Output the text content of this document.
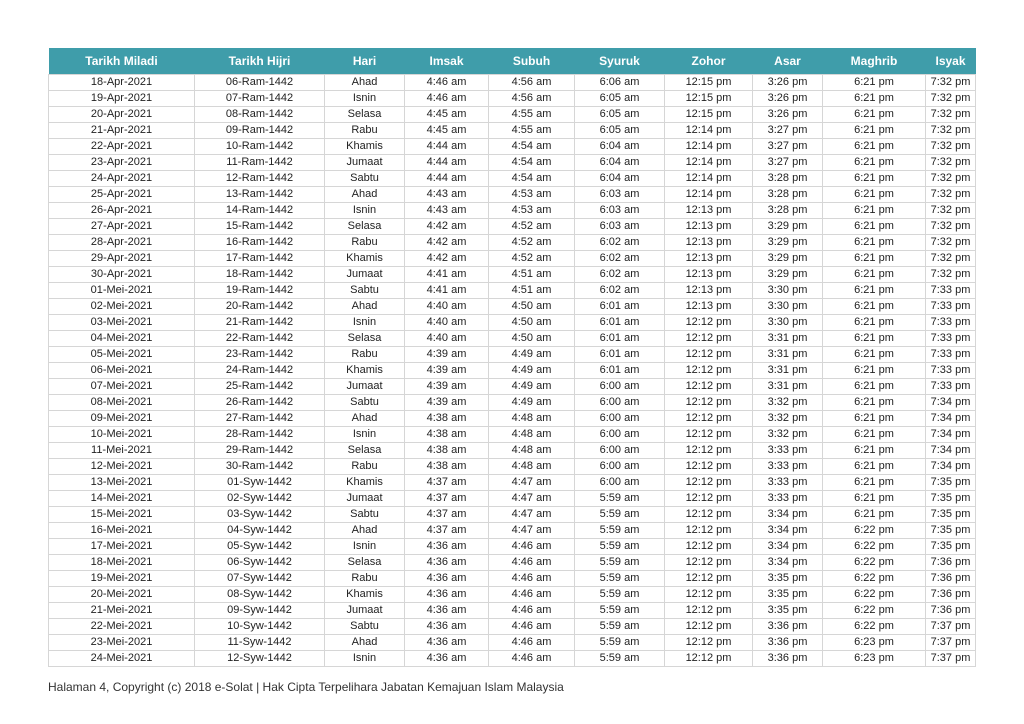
Tarikh Miladi	Tarikh Hijri	Hari	Imsak	Subuh	Syuruk	Zohor	Asar	Maghrib	Isyak
18-Apr-2021	06-Ram-1442	Ahad	4:46 am	4:56 am	6:06 am	12:15 pm	3:26 pm	6:21 pm	7:32 pm
19-Apr-2021	07-Ram-1442	Isnin	4:46 am	4:56 am	6:05 am	12:15 pm	3:26 pm	6:21 pm	7:32 pm
20-Apr-2021	08-Ram-1442	Selasa	4:45 am	4:55 am	6:05 am	12:15 pm	3:26 pm	6:21 pm	7:32 pm
21-Apr-2021	09-Ram-1442	Rabu	4:45 am	4:55 am	6:05 am	12:14 pm	3:27 pm	6:21 pm	7:32 pm
22-Apr-2021	10-Ram-1442	Khamis	4:44 am	4:54 am	6:04 am	12:14 pm	3:27 pm	6:21 pm	7:32 pm
23-Apr-2021	11-Ram-1442	Jumaat	4:44 am	4:54 am	6:04 am	12:14 pm	3:27 pm	6:21 pm	7:32 pm
24-Apr-2021	12-Ram-1442	Sabtu	4:44 am	4:54 am	6:04 am	12:14 pm	3:28 pm	6:21 pm	7:32 pm
25-Apr-2021	13-Ram-1442	Ahad	4:43 am	4:53 am	6:03 am	12:14 pm	3:28 pm	6:21 pm	7:32 pm
26-Apr-2021	14-Ram-1442	Isnin	4:43 am	4:53 am	6:03 am	12:13 pm	3:28 pm	6:21 pm	7:32 pm
27-Apr-2021	15-Ram-1442	Selasa	4:42 am	4:52 am	6:03 am	12:13 pm	3:29 pm	6:21 pm	7:32 pm
28-Apr-2021	16-Ram-1442	Rabu	4:42 am	4:52 am	6:02 am	12:13 pm	3:29 pm	6:21 pm	7:32 pm
29-Apr-2021	17-Ram-1442	Khamis	4:42 am	4:52 am	6:02 am	12:13 pm	3:29 pm	6:21 pm	7:32 pm
30-Apr-2021	18-Ram-1442	Jumaat	4:41 am	4:51 am	6:02 am	12:13 pm	3:29 pm	6:21 pm	7:32 pm
01-Mei-2021	19-Ram-1442	Sabtu	4:41 am	4:51 am	6:02 am	12:13 pm	3:30 pm	6:21 pm	7:33 pm
02-Mei-2021	20-Ram-1442	Ahad	4:40 am	4:50 am	6:01 am	12:13 pm	3:30 pm	6:21 pm	7:33 pm
03-Mei-2021	21-Ram-1442	Isnin	4:40 am	4:50 am	6:01 am	12:12 pm	3:30 pm	6:21 pm	7:33 pm
04-Mei-2021	22-Ram-1442	Selasa	4:40 am	4:50 am	6:01 am	12:12 pm	3:31 pm	6:21 pm	7:33 pm
05-Mei-2021	23-Ram-1442	Rabu	4:39 am	4:49 am	6:01 am	12:12 pm	3:31 pm	6:21 pm	7:33 pm
06-Mei-2021	24-Ram-1442	Khamis	4:39 am	4:49 am	6:01 am	12:12 pm	3:31 pm	6:21 pm	7:33 pm
07-Mei-2021	25-Ram-1442	Jumaat	4:39 am	4:49 am	6:00 am	12:12 pm	3:31 pm	6:21 pm	7:33 pm
08-Mei-2021	26-Ram-1442	Sabtu	4:39 am	4:49 am	6:00 am	12:12 pm	3:32 pm	6:21 pm	7:34 pm
09-Mei-2021	27-Ram-1442	Ahad	4:38 am	4:48 am	6:00 am	12:12 pm	3:32 pm	6:21 pm	7:34 pm
10-Mei-2021	28-Ram-1442	Isnin	4:38 am	4:48 am	6:00 am	12:12 pm	3:32 pm	6:21 pm	7:34 pm
11-Mei-2021	29-Ram-1442	Selasa	4:38 am	4:48 am	6:00 am	12:12 pm	3:33 pm	6:21 pm	7:34 pm
12-Mei-2021	30-Ram-1442	Rabu	4:38 am	4:48 am	6:00 am	12:12 pm	3:33 pm	6:21 pm	7:34 pm
13-Mei-2021	01-Syw-1442	Khamis	4:37 am	4:47 am	6:00 am	12:12 pm	3:33 pm	6:21 pm	7:35 pm
14-Mei-2021	02-Syw-1442	Jumaat	4:37 am	4:47 am	5:59 am	12:12 pm	3:33 pm	6:21 pm	7:35 pm
15-Mei-2021	03-Syw-1442	Sabtu	4:37 am	4:47 am	5:59 am	12:12 pm	3:34 pm	6:21 pm	7:35 pm
16-Mei-2021	04-Syw-1442	Ahad	4:37 am	4:47 am	5:59 am	12:12 pm	3:34 pm	6:22 pm	7:35 pm
17-Mei-2021	05-Syw-1442	Isnin	4:36 am	4:46 am	5:59 am	12:12 pm	3:34 pm	6:22 pm	7:35 pm
18-Mei-2021	06-Syw-1442	Selasa	4:36 am	4:46 am	5:59 am	12:12 pm	3:34 pm	6:22 pm	7:36 pm
19-Mei-2021	07-Syw-1442	Rabu	4:36 am	4:46 am	5:59 am	12:12 pm	3:35 pm	6:22 pm	7:36 pm
20-Mei-2021	08-Syw-1442	Khamis	4:36 am	4:46 am	5:59 am	12:12 pm	3:35 pm	6:22 pm	7:36 pm
21-Mei-2021	09-Syw-1442	Jumaat	4:36 am	4:46 am	5:59 am	12:12 pm	3:35 pm	6:22 pm	7:36 pm
22-Mei-2021	10-Syw-1442	Sabtu	4:36 am	4:46 am	5:59 am	12:12 pm	3:36 pm	6:22 pm	7:37 pm
23-Mei-2021	11-Syw-1442	Ahad	4:36 am	4:46 am	5:59 am	12:12 pm	3:36 pm	6:23 pm	7:37 pm
24-Mei-2021	12-Syw-1442	Isnin	4:36 am	4:46 am	5:59 am	12:12 pm	3:36 pm	6:23 pm	7:37 pm
Halaman 4, Copyright (c) 2018 e-Solat | Hak Cipta Terpelihara Jabatan Kemajuan Islam Malaysia
